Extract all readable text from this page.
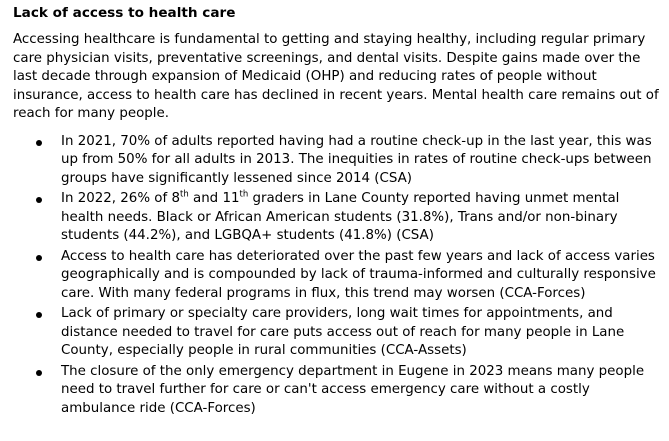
Lack of access to health care

Accessing healthcare is fundamental to getting and staying healthy, including regular primary care physician visits, preventative screenings, and dental visits. Despite gains made over the last decade through expansion of Medicaid (OHP) and reducing rates of people without insurance, access to health care has declined in recent years. Mental health care remains out of reach for many people.

In 2021, 70% of adults reported having had a routine check-up in the last year, this was up from 50% for all adults in 2013. The inequities in rates of routine check-ups between groups have significantly lessened since 2014 (CSA)
In 2022, 26% of 8th and 11th graders in Lane County reported having unmet mental health needs. Black or African American students (31.8%), Trans and/or non-binary students (44.2%), and LGBQA+ students (41.8%) (CSA)
Access to health care has deteriorated over the past few years and lack of access varies geographically and is compounded by lack of trauma-informed and culturally responsive care. With many federal programs in flux, this trend may worsen (CCA-Forces)
Lack of primary or specialty care providers, long wait times for appointments, and distance needed to travel for care puts access out of reach for many people in Lane County, especially people in rural communities (CCA-Assets)
The closure of the only emergency department in Eugene in 2023 means many people need to travel further for care or can't access emergency care without a costly ambulance ride (CCA-Forces)
